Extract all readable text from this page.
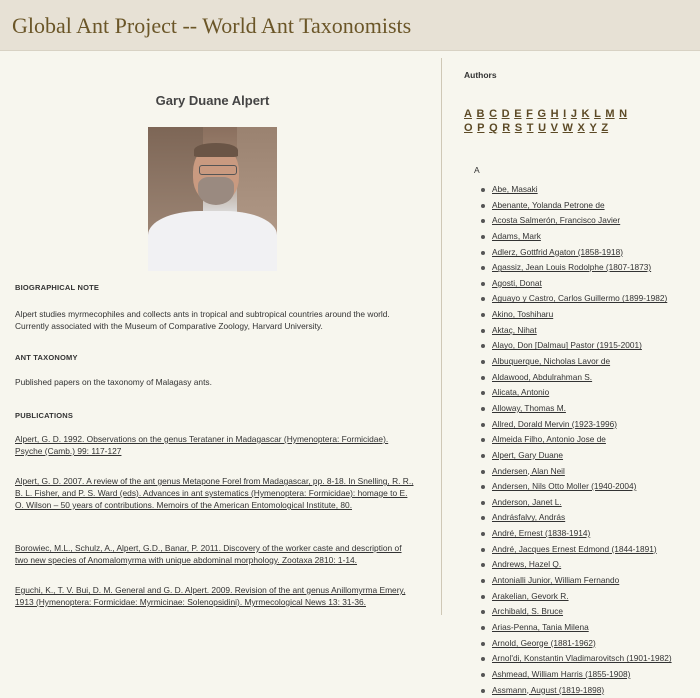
Global Ant Project -- World Ant Taxonomists
Gary Duane Alpert
BIOGRAPHICAL NOTE
Alpert studies myrmecophiles and collects ants in tropical and subtropical countries around the world. Currently associated with the Museum of Comparative Zoology, Harvard University.
ANT TAXONOMY
Published papers on the taxonomy of Malagasy ants.
PUBLICATIONS
Alpert, G. D. 1992. Observations on the genus Terataner in Madagascar (Hymenoptera: Formicidae). Psyche (Camb.) 99: 117-127
Alpert, G. D. 2007. A review of the ant genus Metapone Forel from Madagascar, pp. 8-18. In Snelling, R. R., B. L. Fisher, and P. S. Ward (eds). Advances in ant systematics (Hymenoptera: Formicidae): homage to E. O. Wilson – 50 years of contributions. Memoirs of the American Entomological Institute, 80.
Borowiec, M.L., Schulz, A., Alpert, G.D., Banar, P. 2011. Discovery of the worker caste and description of two new species of Anomalomyrma with unique abdominal morphology. Zootaxa 2810: 1-14.
Eguchi, K., T. V. Bui, D. M. General and G. D. Alpert. 2009. Revision of the ant genus Anillomyrma Emery, 1913 (Hymenoptera: Formicidae: Myrmicinae: Solenopsidini). Myrmecological News 13: 31-36.
Authors
A B C D E F G H I J K L M N
O P Q R S T U V W X Y Z
A
Abe, Masaki
Abenante, Yolanda Petrone de
Acosta Salmerón, Francisco Javier
Adams, Mark
Adlerz, Gottfrid Agaton (1858-1918)
Agassiz, Jean Louis Rodolphe (1807-1873)
Agosti, Donat
Aguayo y Castro, Carlos Guillermo (1899-1982)
Akino, Toshiharu
Aktaç, Nihat
Alayo, Don [Dalmau] Pastor (1915-2001)
Albuquerque, Nicholas Lavor de
Aldawood, Abdulrahman S.
Alicata, Antonio
Alloway, Thomas M.
Allred, Dorald Mervin (1923-1996)
Almeida Filho, Antonio Jose de
Alpert, Gary Duane
Andersen, Alan Neil
Andersen, Nils Otto Moller (1940-2004)
Anderson, Janet L.
Andrásfalvy, András
André, Ernest (1838-1914)
André, Jacques Ernest Edmond (1844-1891)
Andrews, Hazel Q.
Antonialli Junior, William Fernando
Arakelian, Gevork R.
Archibald, S. Bruce
Arias-Penna, Tania Milena
Arnold, George (1881-1962)
Arnol'di, Konstantin Vladimarovitsch (1901-1982)
Ashmead, William Harris (1855-1908)
Assmann, August (1819-1898)
